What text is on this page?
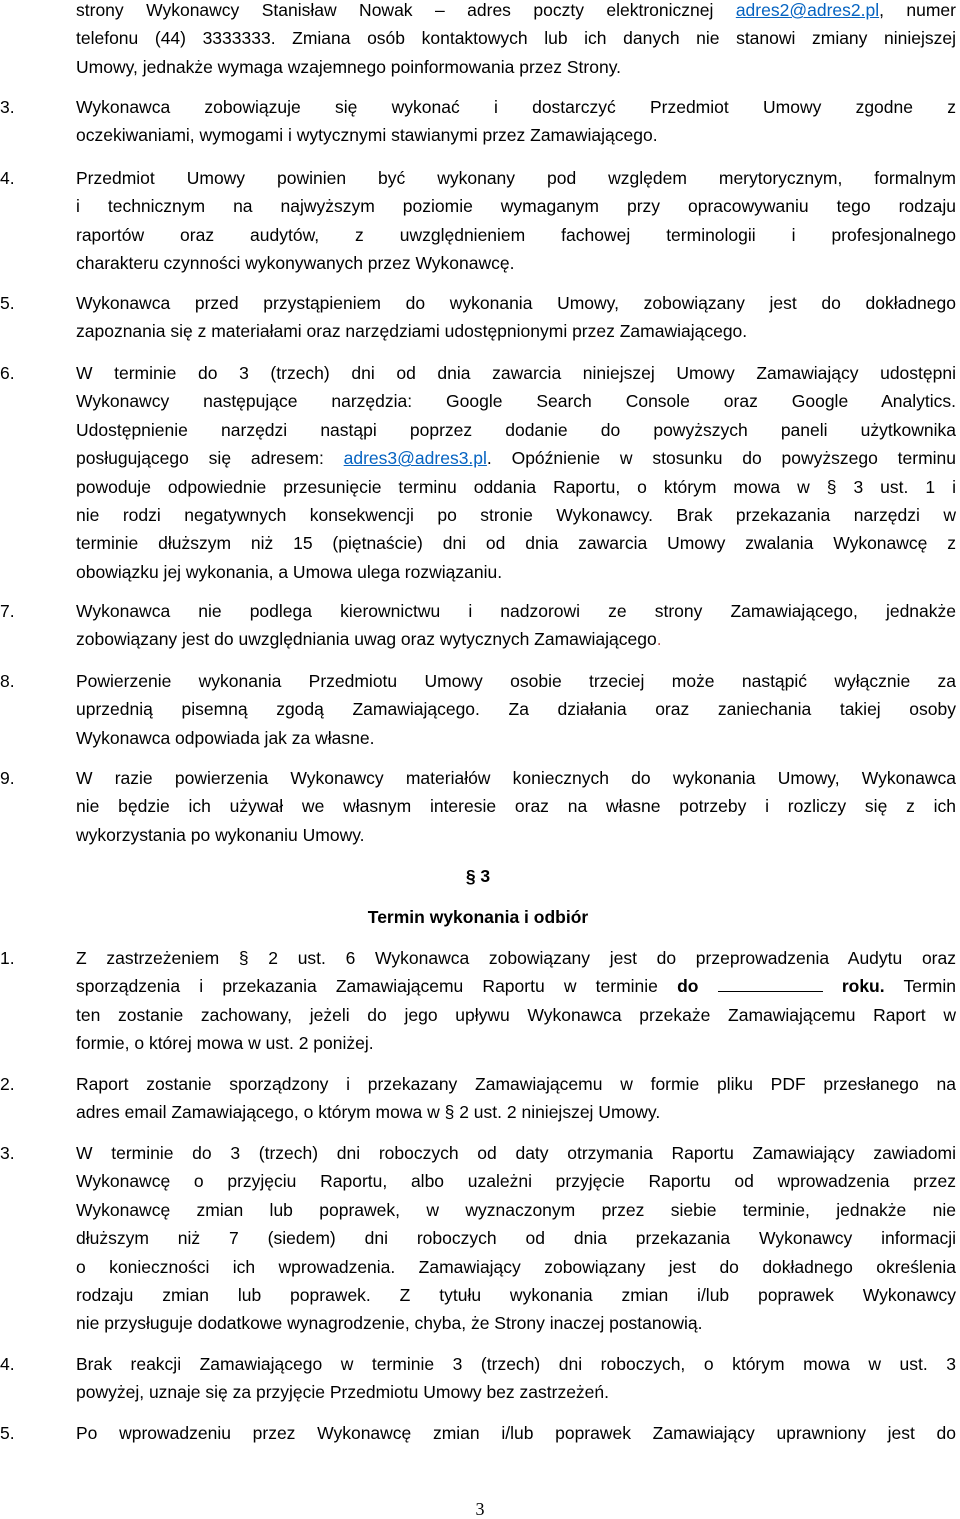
strony Wykonawcy Stanisław Nowak – adres poczty elektronicznej adres2@adres2.pl, numer
telefonu (44) 3333333. Zmiana osób kontaktowych lub ich danych nie stanowi zmiany niniejszej
Umowy, jednakże wymaga wzajemnego poinformowania przez Strony.
3.	Wykonawca zobowiązuje się wykonać i dostarczyć Przedmiot Umowy zgodne z
oczekiwaniami, wymogami i wytycznymi stawianymi przez Zamawiającego.
4.	Przedmiot Umowy powinien być wykonany pod względem merytorycznym, formalnym
i technicznym na najwyższym poziomie wymaganym przy opracowywaniu tego rodzaju
raportów oraz audytów, z uwzględnieniem fachowej terminologii i profesjonalnego
charakteru czynności wykonywanych przez Wykonawcę.
5.	Wykonawca przed przystąpieniem do wykonania Umowy, zobowiązany jest do dokładnego
zapoznania się z materiałami oraz narzędziami udostępnionymi przez Zamawiającego.
6.	W terminie do 3 (trzech) dni od dnia zawarcia niniejszej Umowy Zamawiający udostępni
Wykonawcy następujące narzędzia: Google Search Console oraz Google Analytics.
Udostępnienie narzędzi nastąpi poprzez dodanie do powyższych paneli użytkownika
posługującego się adresem: adres3@adres3.pl. Opóźnienie w stosunku do powyższego terminu
powoduje odpowiednie przesunięcie terminu oddania Raportu, o którym mowa w § 3 ust. 1 i
nie rodzi negatywnych konsekwencji po stronie Wykonawcy. Brak przekazania narzędzi w
terminie dłuższym niż 15 (piętnaście) dni od dnia zawarcia Umowy zwalania Wykonawcę z
obowiązku jej wykonania, a Umowa ulega rozwiązaniu.
7.	Wykonawca nie podlega kierownictwu i nadzorowi ze strony Zamawiającego, jednakże
zobowiązany jest do uwzględniania uwag oraz wytycznych Zamawiającego.
8.	Powierzenie wykonania Przedmiotu Umowy osobie trzeciej może nastąpić wyłącznie za
uprzednią pisemną zgodą Zamawiającego. Za działania oraz zaniechania takiej osoby
Wykonawca odpowiada jak za własne.
9.	W razie powierzenia Wykonawcy materiałów koniecznych do wykonania Umowy, Wykonawca
nie będzie ich używał we własnym interesie oraz na własne potrzeby i rozliczy się z ich
wykorzystania po wykonaniu Umowy.
§ 3
Termin wykonania i odbiór
1.	Z zastrzeżeniem § 2 ust. 6 Wykonawca zobowiązany jest do przeprowadzenia Audytu oraz
sporządzenia i przekazania Zamawiającemu Raportu w terminie do	roku. Termin
ten zostanie zachowany, jeżeli do jego upływu Wykonawca przekaże Zamawiającemu Raport w
formie, o której mowa w ust. 2 poniżej.
2.	Raport zostanie sporządzony i przekazany Zamawiającemu w formie pliku PDF przesłanego na
adres email Zamawiającego, o którym mowa w § 2 ust. 2 niniejszej Umowy.
3.	W terminie do 3 (trzech) dni roboczych od daty otrzymania Raportu Zamawiający zawiadomi
Wykonawcę o przyjęciu Raportu, albo uzależni przyjęcie Raportu od wprowadzenia przez
Wykonawcę zmian lub poprawek, w wyznaczonym przez siebie terminie, jednakże nie
dłuższym niż 7 (siedem) dni roboczych od dnia przekazania Wykonawcy informacji
o konieczności ich wprowadzenia. Zamawiający zobowiązany jest do dokładnego określenia
rodzaju zmian lub poprawek. Z tytułu wykonania zmian i/lub poprawek Wykonawcy
nie przysługuje dodatkowe wynagrodzenie, chyba, że Strony inaczej postanowią.
4.	Brak reakcji Zamawiającego w terminie 3 (trzech) dni roboczych, o którym mowa w ust. 3
powyżej, uznaje się za przyjęcie Przedmiotu Umowy bez zastrzeżeń.
5.	Po wprowadzeniu przez Wykonawcę zmian i/lub poprawek Zamawiający uprawniony jest do
3
